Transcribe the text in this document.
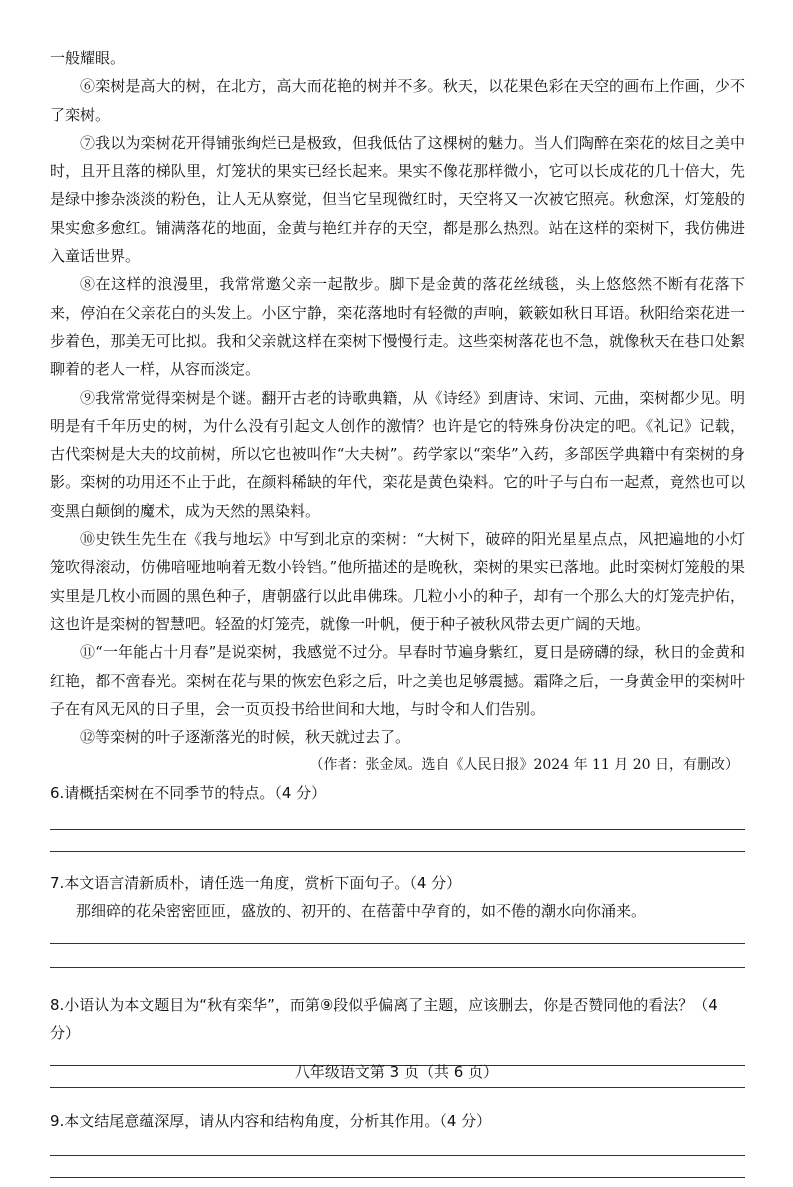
一般耀眼。

⑥栾树是高大的树，在北方，高大而花艳的树并不多。秋天，以花果色彩在天空的画布上作画，少不了栾树。

⑦我以为栾树花开得铺张绚烂已是极致，但我低估了这棵树的魅力。当人们陶醉在栾花的炫目之美中时，且开且落的梯队里，灯笼状的果实已经长起来。果实不像花那样微小，它可以长成花的几十倍大，先是绿中掺杂淡淡的粉色，让人无从察觉，但当它呈现微红时，天空将又一次被它照亮。秋愈深，灯笼般的果实愈多愈红。铺满落花的地面，金黄与艳红并存的天空，都是那么热烈。站在这样的栾树下，我仿佛进入童话世界。

⑧在这样的浪漫里，我常常邀父亲一起散步。脚下是金黄的落花丝绒毯，头上悠悠然不断有花落下来，停泊在父亲花白的头发上。小区宁静，栾花落地时有轻微的声响，簌簌如秋日耳语。秋阳给栾花进一步着色，那美无可比拟。我和父亲就这样在栾树下慢慢行走。这些栾树落花也不急，就像秋天在巷口处絮聊着的老人一样，从容而淡定。

⑨我常常觉得栾树是个谜。翻开古老的诗歌典籍，从《诗经》到唐诗、宋词、元曲，栾树都少见。明明是有千年历史的树，为什么没有引起文人创作的激情？也许是它的特殊身份决定的吧。《礼记》记载，古代栾树是大夫的坟前树，所以它也被叫作“大夫树”。药学家以“栾华”入药，多部医学典籍中有栾树的身影。栾树的功用还不止于此，在颜料稀缺的年代，栾花是黄色染料。它的叶子与白布一起煮，竟然也可以变黑白颠倒的魔术，成为天然的黑染料。

⑩史铁生先生在《我与地坛》中写到北京的栾树：“大树下，破碎的阳光星星点点，风把遍地的小灯笼吹得滚动，仿佛喑哑地响着无数小铃铛。”他所描述的是晚秋，栾树的果实已落地。此时栾树灯笼般的果实里是几枚小而圆的黑色种子，唐朝盛行以此串佛珠。几粒小小的种子，却有一个那么大的灯笼壳护佑，这也许是栾树的智慧吧。轻盈的灯笼壳，就像一叶帆，便于种子被秋风带去更广阔的天地。

⑪“一年能占十月春”是说栾树，我感觉不过分。早春时节遍身紫红，夏日是磅礴的绿，秋日的金黄和红艳，都不啻春光。栾树在花与果的恢宏色彩之后，叶之美也足够震撼。霜降之后，一身黄金甲的栾树叶子在有风无风的日子里，会一页页投书给世间和大地，与时令和人们告别。

⑫等栾树的叶子逐渐落光的时候，秋天就过去了。

（作者：张金凤。选自《人民日报》2024 年 11 月 20 日，有删改）

6.请概括栾树在不同季节的特点。（4 分）

7.本文语言清新质朴，请任选一角度，赏析下面句子。（4 分）

那细碎的花朵密密匝匝，盛放的、初开的、在蓓蕾中孕育的，如不倦的潮水向你涌来。

8.小语认为本文题目为“秋有栾华”，而第⑨段似乎偏离了主题，应该删去，你是否赞同他的看法？（4 分）

9.本文结尾意蕴深厚，请从内容和结构角度，分析其作用。（4 分）

八年级语文第 3 页（共 6 页）
